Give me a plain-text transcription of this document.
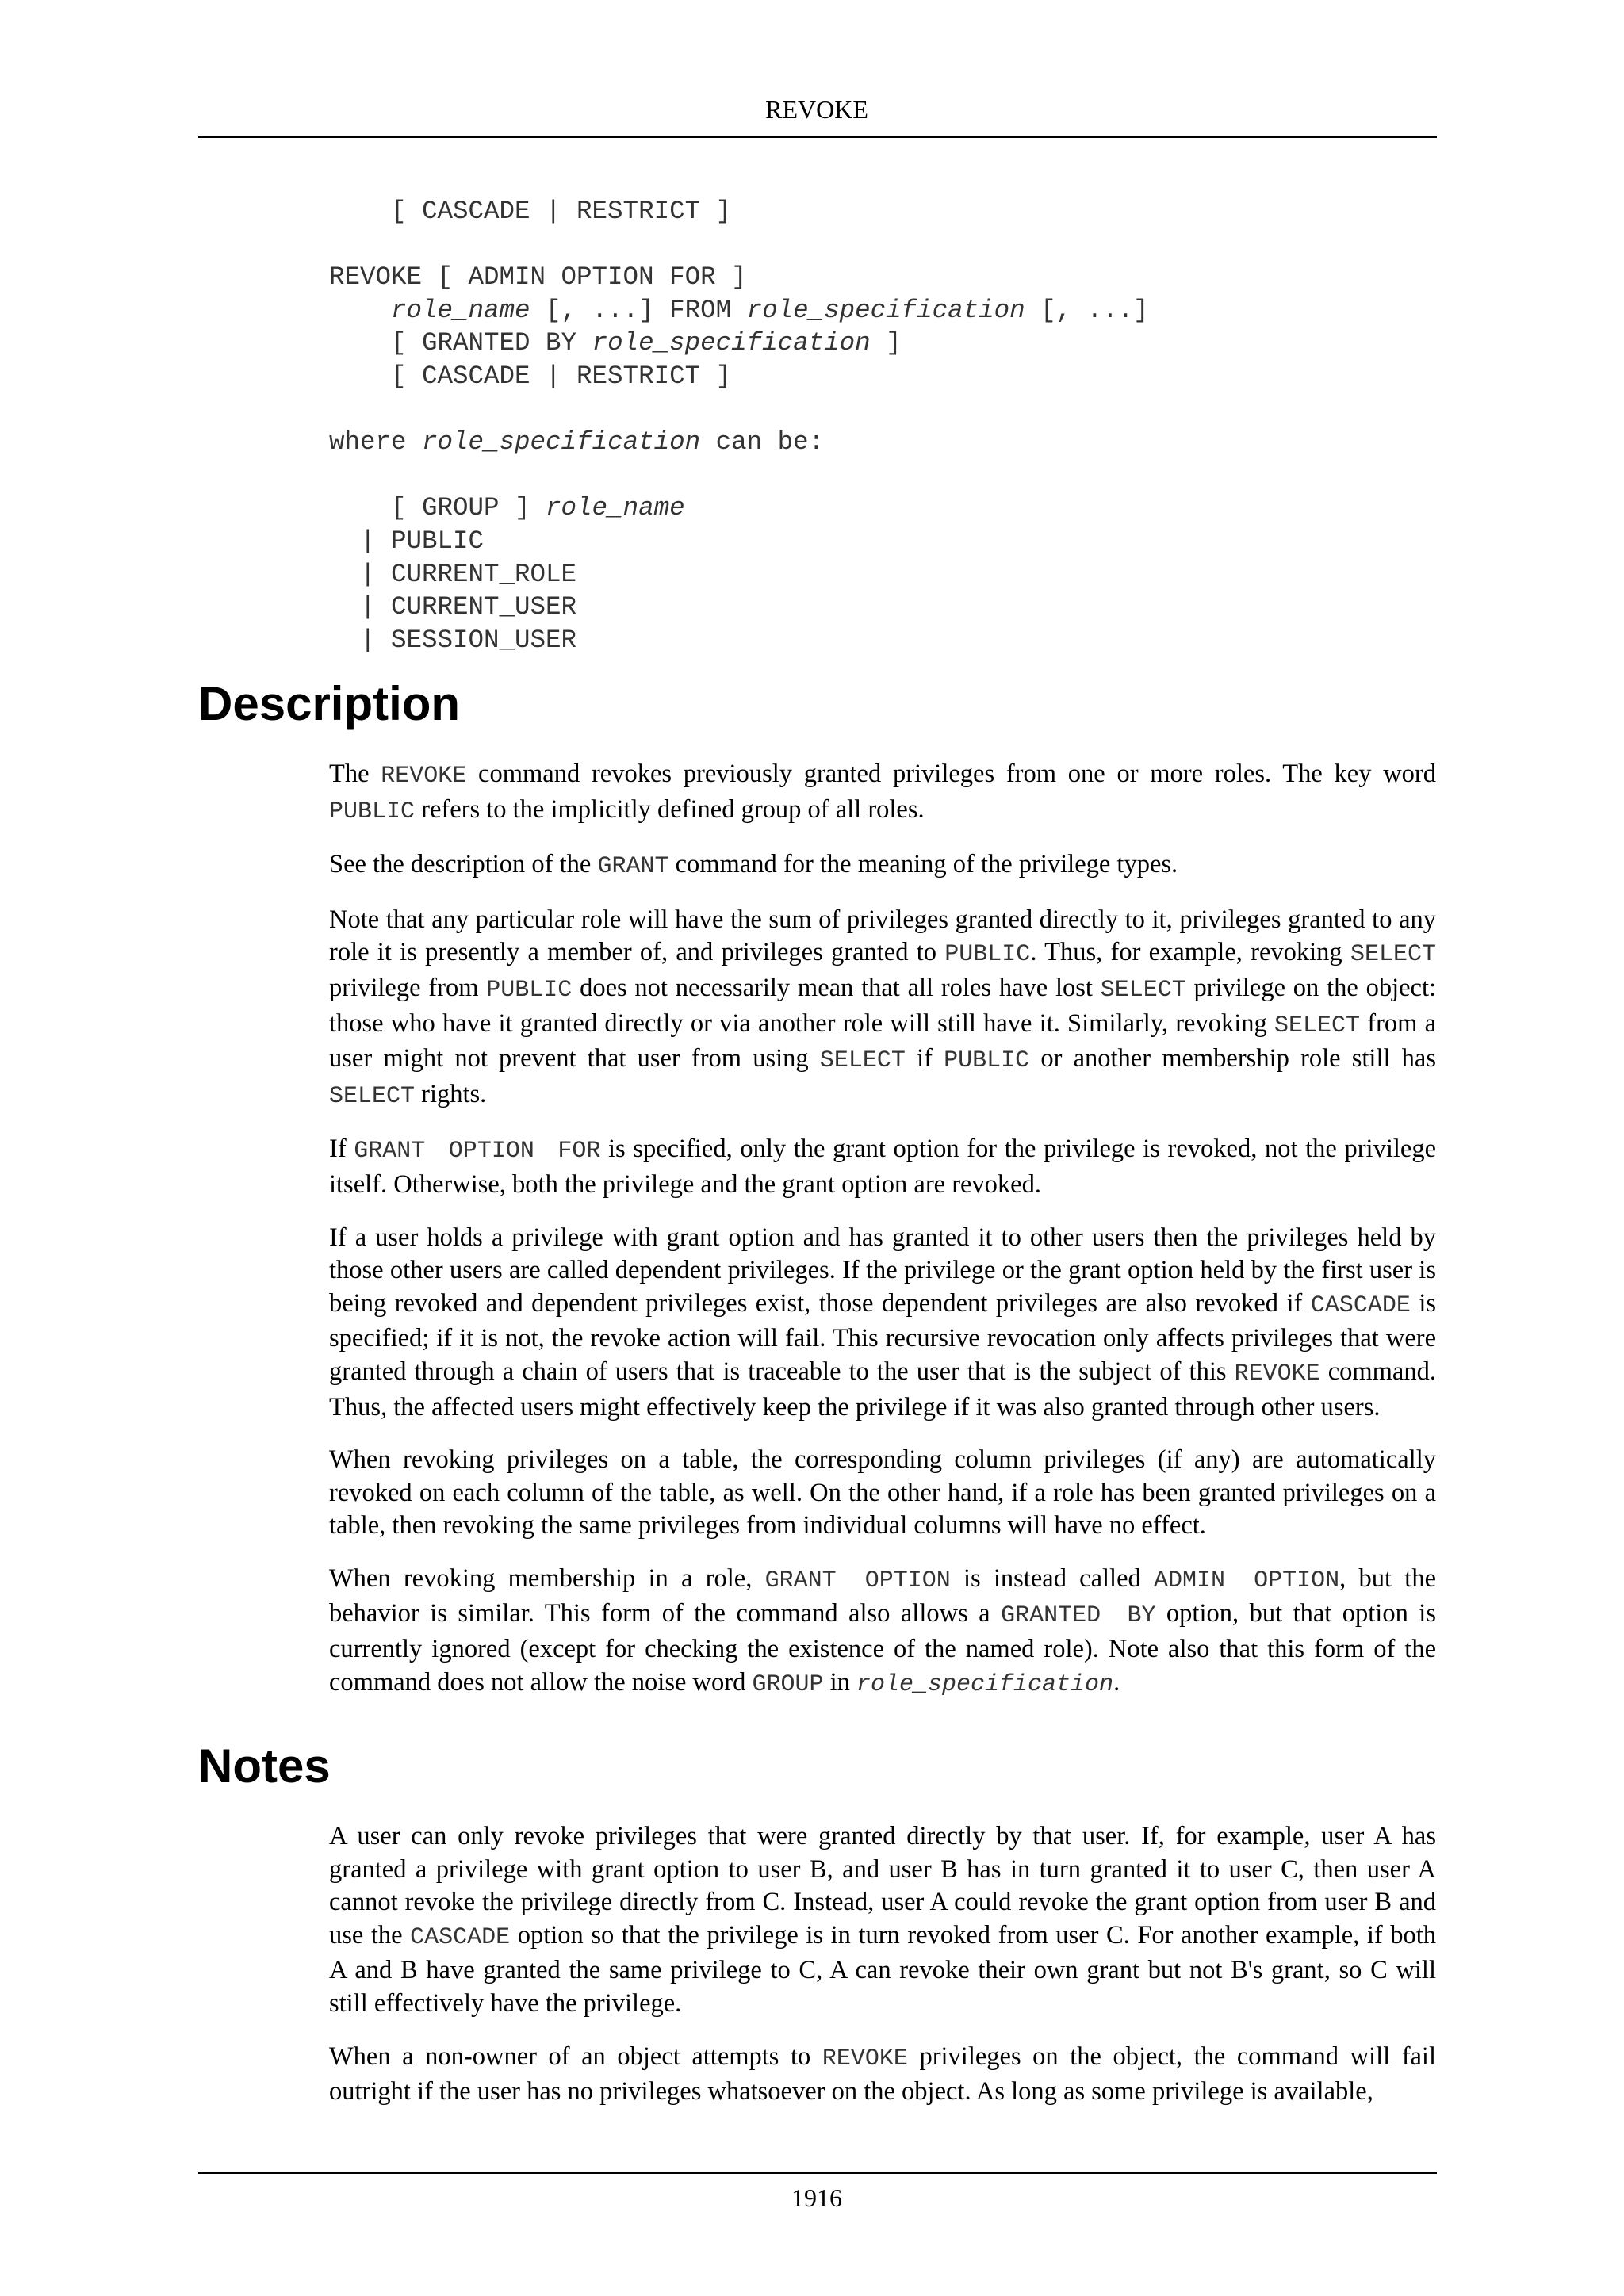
REVOKE
[ CASCADE | RESTRICT ]
REVOKE [ ADMIN OPTION FOR ]
role_name [, ...] FROM role_specification [, ...]
[ GRANTED BY role_specification ]
[ CASCADE | RESTRICT ]
where role_specification can be:
[ GROUP ] role_name
| PUBLIC
| CURRENT_ROLE
| CURRENT_USER
| SESSION_USER
Description

The REVOKE command revokes previously granted privileges from one or more roles. The key word PUBLIC refers to the implicitly defined group of all roles.

See the description of the GRANT command for the meaning of the privilege types.

Note that any particular role will have the sum of privileges granted directly to it, privileges granted to any role it is presently a member of, and privileges granted to PUBLIC. Thus, for example, revoking SELECT privilege from PUBLIC does not necessarily mean that all roles have lost SELECT privilege on the object: those who have it granted directly or via another role will still have it. Similarly, revoking SELECT from a user might not prevent that user from using SELECT if PUBLIC or another membership role still has SELECT rights.

If GRANT OPTION FOR is specified, only the grant option for the privilege is revoked, not the privilege itself. Otherwise, both the privilege and the grant option are revoked.

If a user holds a privilege with grant option and has granted it to other users then the privileges held by those other users are called dependent privileges. If the privilege or the grant option held by the first user is being revoked and dependent privileges exist, those dependent privileges are also revoked if CASCADE is specified; if it is not, the revoke action will fail. This recursive revocation only affects privileges that were granted through a chain of users that is traceable to the user that is the subject of this REVOKE command. Thus, the affected users might effectively keep the privilege if it was also granted through other users.

When revoking privileges on a table, the corresponding column privileges (if any) are automatically revoked on each column of the table, as well. On the other hand, if a role has been granted privileges on a table, then revoking the same privileges from individual columns will have no effect.

When revoking membership in a role, GRANT OPTION is instead called ADMIN OPTION, but the behavior is similar. This form of the command also allows a GRANTED BY option, but that option is currently ignored (except for checking the existence of the named role). Note also that this form of the command does not allow the noise word GROUP in role_specification.

Notes

A user can only revoke privileges that were granted directly by that user. If, for example, user A has granted a privilege with grant option to user B, and user B has in turn granted it to user C, then user A cannot revoke the privilege directly from C. Instead, user A could revoke the grant option from user B and use the CASCADE option so that the privilege is in turn revoked from user C. For another example, if both A and B have granted the same privilege to C, A can revoke their own grant but not B's grant, so C will still effectively have the privilege.

When a non-owner of an object attempts to REVOKE privileges on the object, the command will fail outright if the user has no privileges whatsoever on the object. As long as some privilege is available,

1916
